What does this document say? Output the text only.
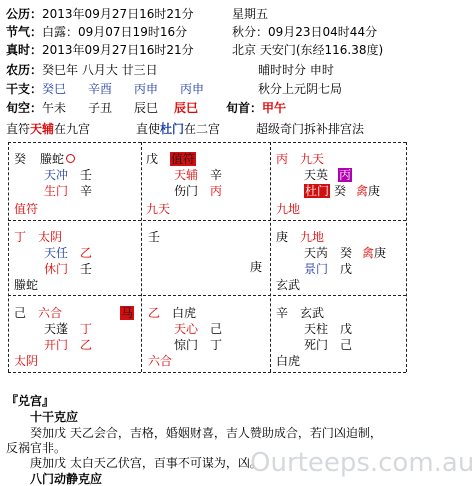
公历：2013年09月27日16时21分	星期五
节气：白露：09月07日19时16分	秋分：09月23日04时44分
真时：2013年09月27日16时21分	北京 天安门(东经116.38度)
农历：癸巳年 八月大 廿三日	晡时时分 申时
干支：癸巳 辛酉 丙申 丙申	秋分上元阴七局
旬空：午未 子丑 辰巳 辰巳 旬首：甲午
直符天辅在九宫	直使杜门在二宫	超级奇门拆补排宫法
癸 螣蛇
天冲 壬
生门 辛
值符
戊 值符
天辅 辛
伤门 丙
九天
丙 九天
天英 丙
杜门 癸 禽庚
九地
丁 太阴
天任 乙
休门 壬
螣蛇
壬
庚
庚 九地
天芮 癸 禽庚
景门 戊
玄武
己 六合	马
天蓬 丁
开门 乙
太阴
乙 白虎
天心 己
惊门 丁
六合
辛 玄武
天柱 戊
死门 己
白虎
『兑宫』
十干克应
癸加戊 天乙会合，吉格，婚姻财喜，吉人赞助成合，若门凶迫制，
反祸官非。
庚加戊 太白天乙伏宫，百事不可谋为，凶。
八门动静克应
Ourteeps.com.au
